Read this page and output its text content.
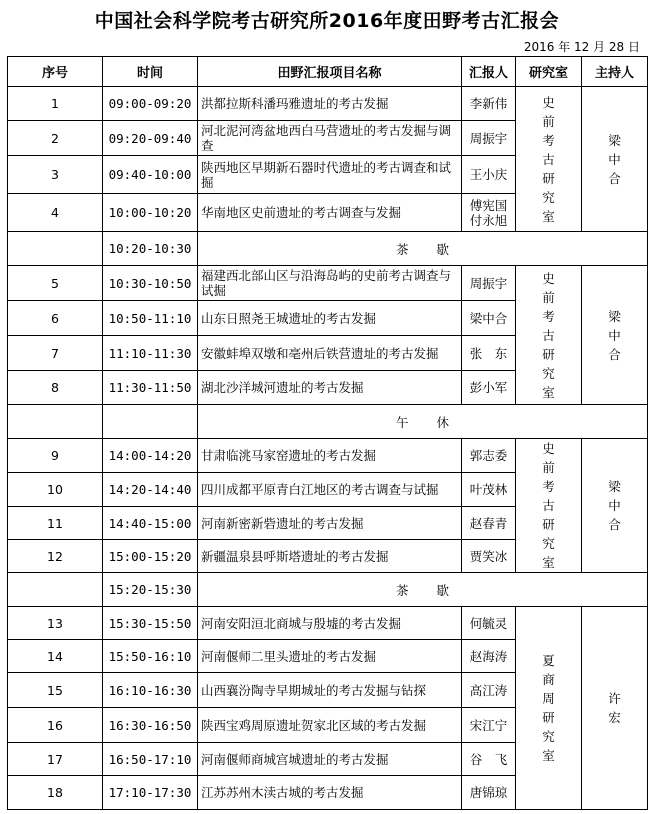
中国社会科学院考古研究所2016年度田野考古汇报会
2016 年 12 月 28 日
序号	时间	田野汇报项目名称	汇报人	研究室	主持人
1	09:00-09:20	洪都拉斯科潘玛雅遗址的考古发掘	李新伟	史前考古研究室	梁中合
2	09:20-09:40	河北泥河湾盆地西白马营遗址的考古发掘与调查	周振宇		
3	09:40-10:00	陕西地区早期新石器时代遗址的考古调查和试掘	王小庆		
4	10:00-10:20	华南地区史前遗址的考古调查与发掘	傅宪国 付永旭		
	10:20-10:30	茶歇			
5	10:30-10:50	福建西北部山区与沿海岛屿的史前考古调查与试掘	周振宇	史前考古研究室	梁中合
6	10:50-11:10	山东日照尧王城遗址的考古发掘	梁中合		
7	11:10-11:30	安徽蚌埠双墩和亳州后铁营遗址的考古发掘	张　东		
8	11:30-11:50	湖北沙洋城河遗址的考古发掘	彭小军		
		午休			
9	14:00-14:20	甘肃临洮马家窑遗址的考古发掘	郭志委	史前考古研究室	梁中合
10	14:20-14:40	四川成都平原青白江地区的考古调查与试掘	叶茂林		
11	14:40-15:00	河南新密新砦遗址的考古发掘	赵春青		
12	15:00-15:20	新疆温泉县呼斯塔遗址的考古发掘	贾笑冰		
	15:20-15:30	茶歇			
13	15:30-15:50	河南安阳洹北商城与殷墟的考古发掘	何毓灵	夏商周研究室	许宏
14	15:50-16:10	河南偃师二里头遗址的考古发掘	赵海涛		
15	16:10-16:30	山西襄汾陶寺早期城址的考古发掘与钻探	高江涛		
16	16:30-16:50	陕西宝鸡周原遗址贺家北区域的考古发掘	宋江宁		
17	16:50-17:10	河南偃师商城宫城遗址的考古发掘	谷　飞		
18	17:10-17:30	江苏苏州木渎古城的考古发掘	唐锦琼		
